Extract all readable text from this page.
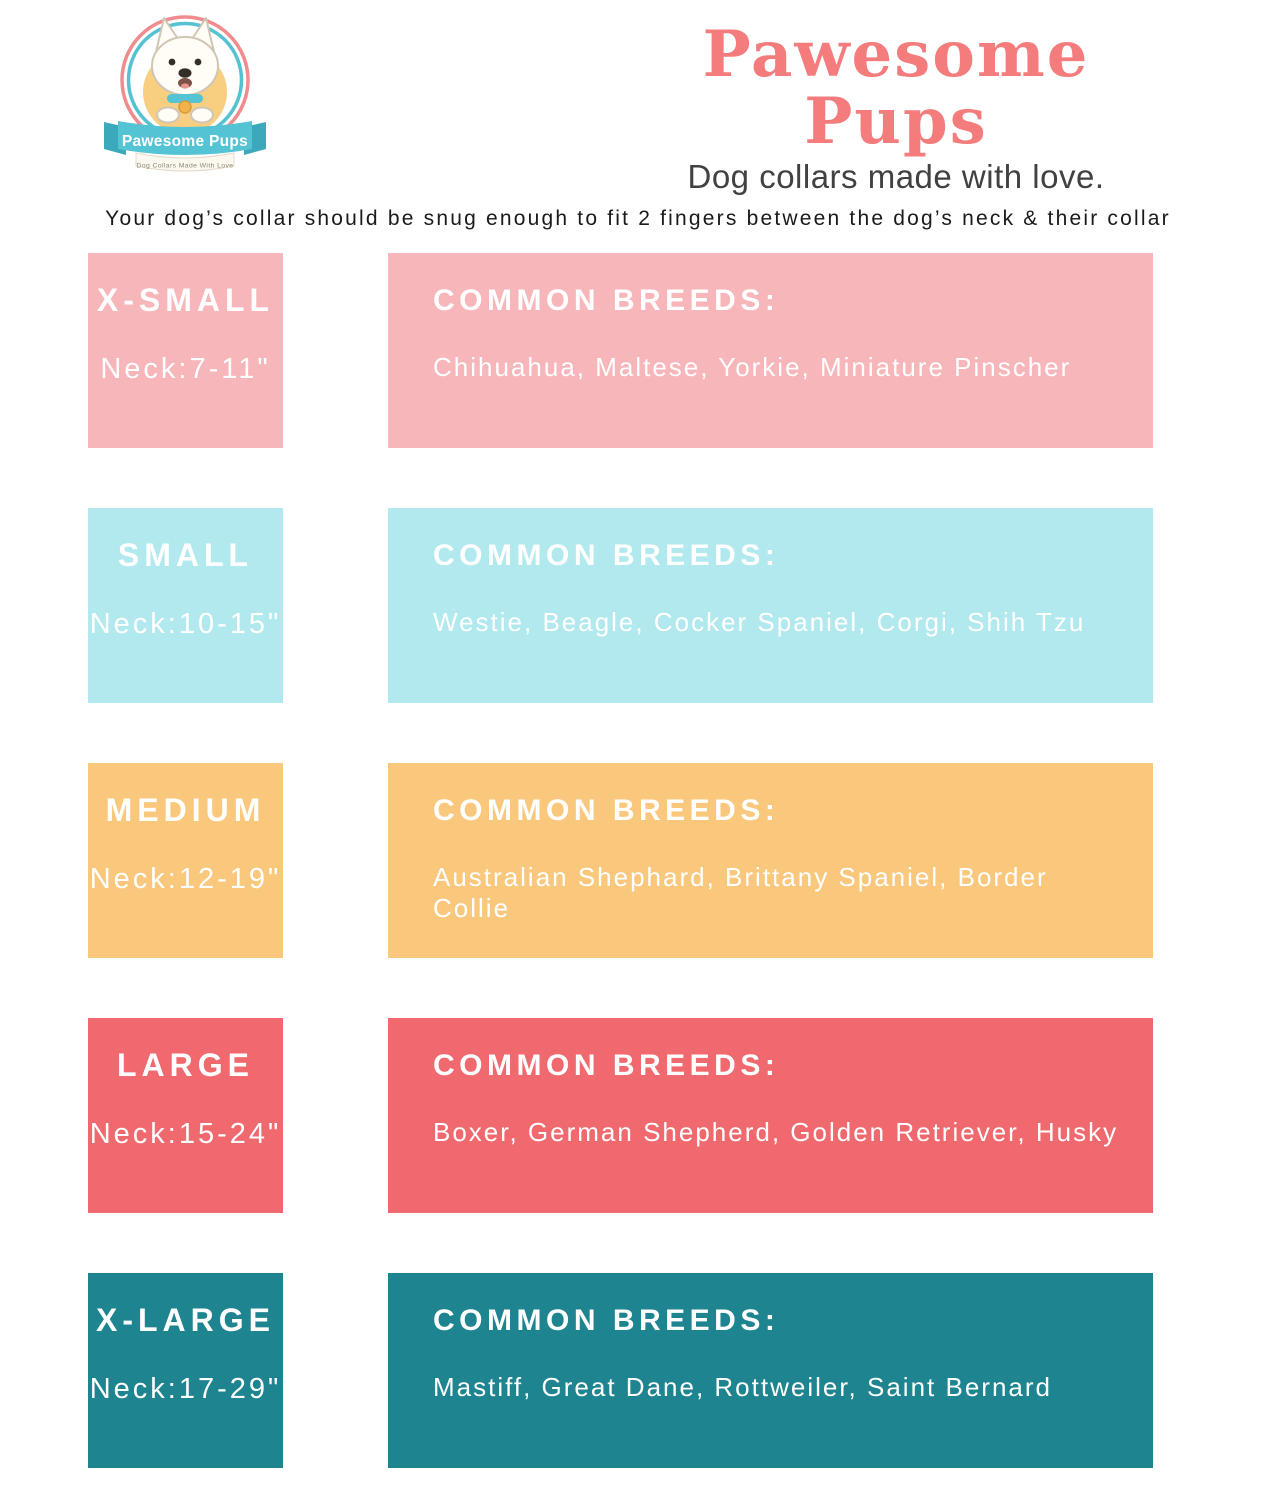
Pawesome Pups
Dog Collars Made With Love
Pawesome Pups

Dog collars made with love.

Your dog’s collar should be snug enough to fit 2 fingers between the dog’s neck & their collar

X-SMALL
Neck:7-11"
COMMON BREEDS:
Chihuahua, Maltese, Yorkie, Miniature Pinscher
SMALL
Neck:10-15"
COMMON BREEDS:
Westie, Beagle, Cocker Spaniel, Corgi, Shih Tzu
MEDIUM
Neck:12-19"
COMMON BREEDS:
Australian Shephard, Brittany Spaniel, Border Collie
LARGE
Neck:15-24"
COMMON BREEDS:
Boxer, German Shepherd, Golden Retriever, Husky
X-LARGE
Neck:17-29"
COMMON BREEDS:
Mastiff, Great Dane, Rottweiler, Saint Bernard
